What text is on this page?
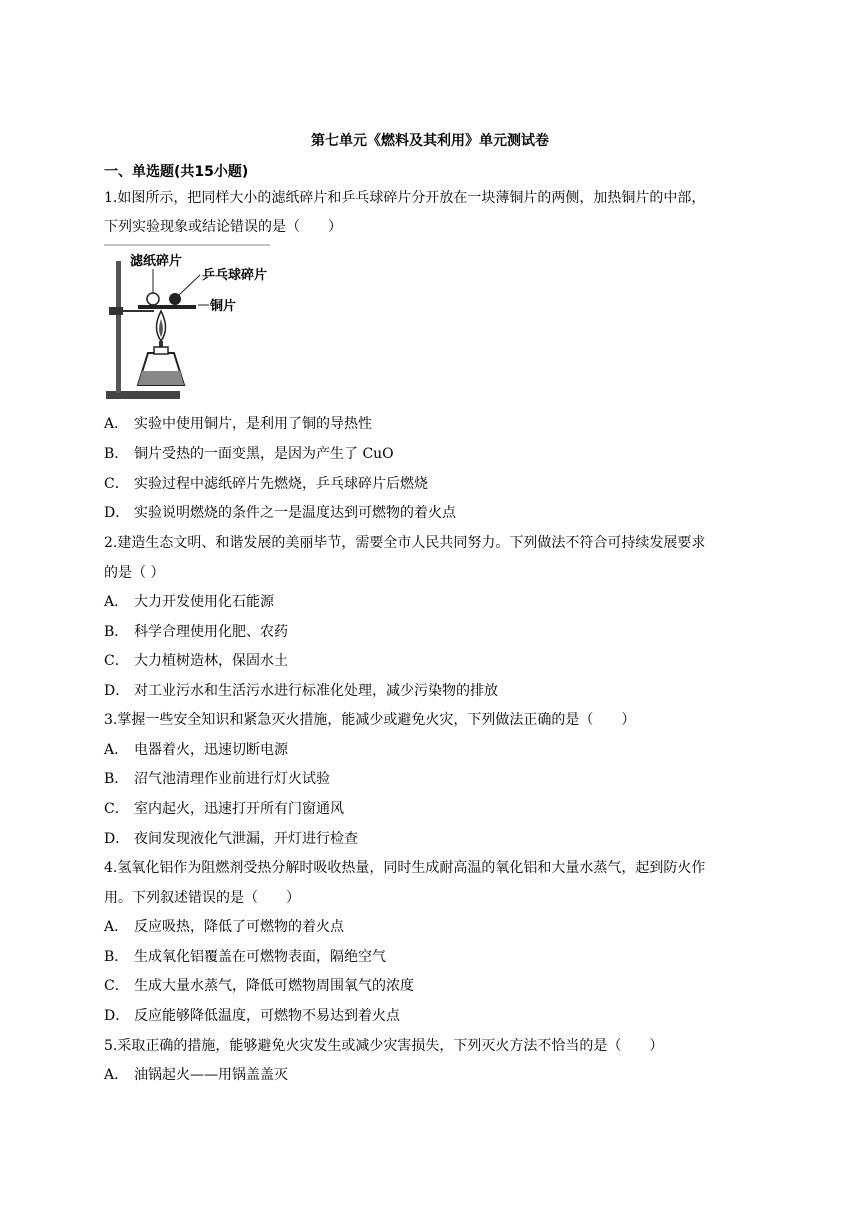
第七单元《燃料及其利用》单元测试卷
一、单选题(共15小题)
1.如图所示，把同样大小的滤纸碎片和乒乓球碎片分开放在一块薄铜片的两侧，加热铜片的中部，
下列实验现象或结论错误的是（　　）
滤纸碎片
乒乓球碎片
铜片
A． 实验中使用铜片，是利用了铜的导热性
B． 铜片受热的一面变黑，是因为产生了 CuO
C． 实验过程中滤纸碎片先燃烧，乒乓球碎片后燃烧
D． 实验说明燃烧的条件之一是温度达到可燃物的着火点
2.建造生态文明、和谐发展的美丽毕节，需要全市人民共同努力。下列做法不符合可持续发展要求
的是（ ）
A． 大力开发使用化石能源
B． 科学合理使用化肥、农药
C． 大力植树造林，保固水土
D． 对工业污水和生活污水进行标准化处理，减少污染物的排放
3.掌握一些安全知识和紧急灭火措施，能减少或避免火灾，下列做法正确的是（　　）
A． 电器着火，迅速切断电源
B． 沼气池清理作业前进行灯火试验
C． 室内起火，迅速打开所有门窗通风
D． 夜间发现液化气泄漏，开灯进行检查
4.氢氧化铝作为阻燃剂受热分解时吸收热量，同时生成耐高温的氧化铝和大量水蒸气，起到防火作
用。下列叙述错误的是（　　）
A． 反应吸热，降低了可燃物的着火点
B． 生成氧化铝覆盖在可燃物表面，隔绝空气
C． 生成大量水蒸气，降低可燃物周围氧气的浓度
D． 反应能够降低温度，可燃物不易达到着火点
5.采取正确的措施，能够避免火灾发生或减少灾害损失，下列灭火方法不恰当的是（　　）
A． 油锅起火——用锅盖盖灭
